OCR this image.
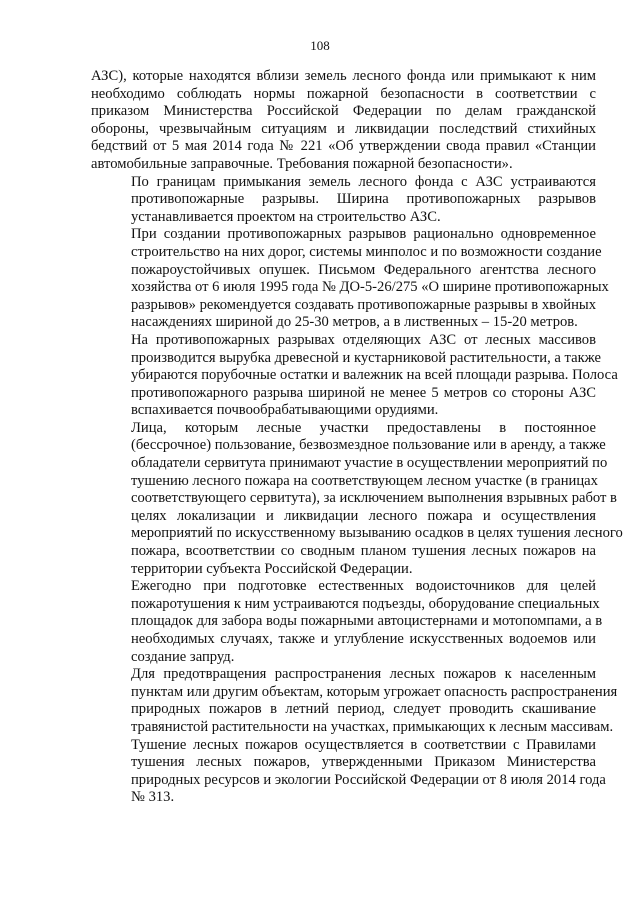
108
АЗС), которые находятся вблизи земель лесного фонда или примыкают к ним
необходимо соблюдать нормы пожарной безопасности в соответствии с
приказом Министерства Российской Федерации по делам гражданской
обороны, чрезвычайным ситуациям и ликвидации последствий стихийных
бедствий от 5 мая 2014 года № 221 «Об утверждении свода правил «Станции
автомобильные заправочные. Требования пожарной безопасности».
По границам примыкания земель лесного фонда с АЗС устраиваются
противопожарные разрывы. Ширина противопожарных разрывов
устанавливается проектом на строительство АЗС.
При создании противопожарных разрывов рационально одновременное
строительство на них дорог, системы минполос и по возможности создание
пожароустойчивых опушек. Письмом Федерального агентства лесного
хозяйства от 6 июля 1995 года № ДО-5-26/275 «О ширине противопожарных
разрывов» рекомендуется создавать противопожарные разрывы в хвойных
насаждениях шириной до 25-30 метров, а в лиственных – 15-20 метров.
На противопожарных разрывах отделяющих АЗС от лесных массивов
производится вырубка древесной и кустарниковой растительности, а также
убираются порубочные остатки и валежник на всей площади разрыва. Полоса
противопожарного разрыва шириной не менее 5 метров со стороны АЗС
вспахивается почвообрабатывающими орудиями.
Лица, которым лесные участки предоставлены в постоянное
(бессрочное) пользование, безвозмездное пользование или в аренду, а также
обладатели сервитута принимают участие в осуществлении мероприятий по
тушению лесного пожара на соответствующем лесном участке (в границах
соответствующего сервитута), за исключением выполнения взрывных работ в
целях локализации и ликвидации лесного пожара и осуществления
мероприятий по искусственному вызыванию осадков в целях тушения лесного
пожара, всоответствии со сводным планом тушения лесных пожаров на
территории субъекта Российской Федерации.
Ежегодно при подготовке естественных водоисточников для целей
пожаротушения к ним устраиваются подъезды, оборудование специальных
площадок для забора воды пожарными автоцистернами и мотопомпами, а в
необходимых случаях, также и углубление искусственных водоемов или
создание запруд.
Для предотвращения распространения лесных пожаров к населенным
пунктам или другим объектам, которым угрожает опасность распространения
природных пожаров в летний период, следует проводить скашивание
травянистой растительности на участках, примыкающих к лесным массивам.
Тушение лесных пожаров осуществляется в соответствии с Правилами
тушения лесных пожаров, утвержденными Приказом Министерства
природных ресурсов и экологии Российской Федерации от 8 июля 2014 года
№ 313.
